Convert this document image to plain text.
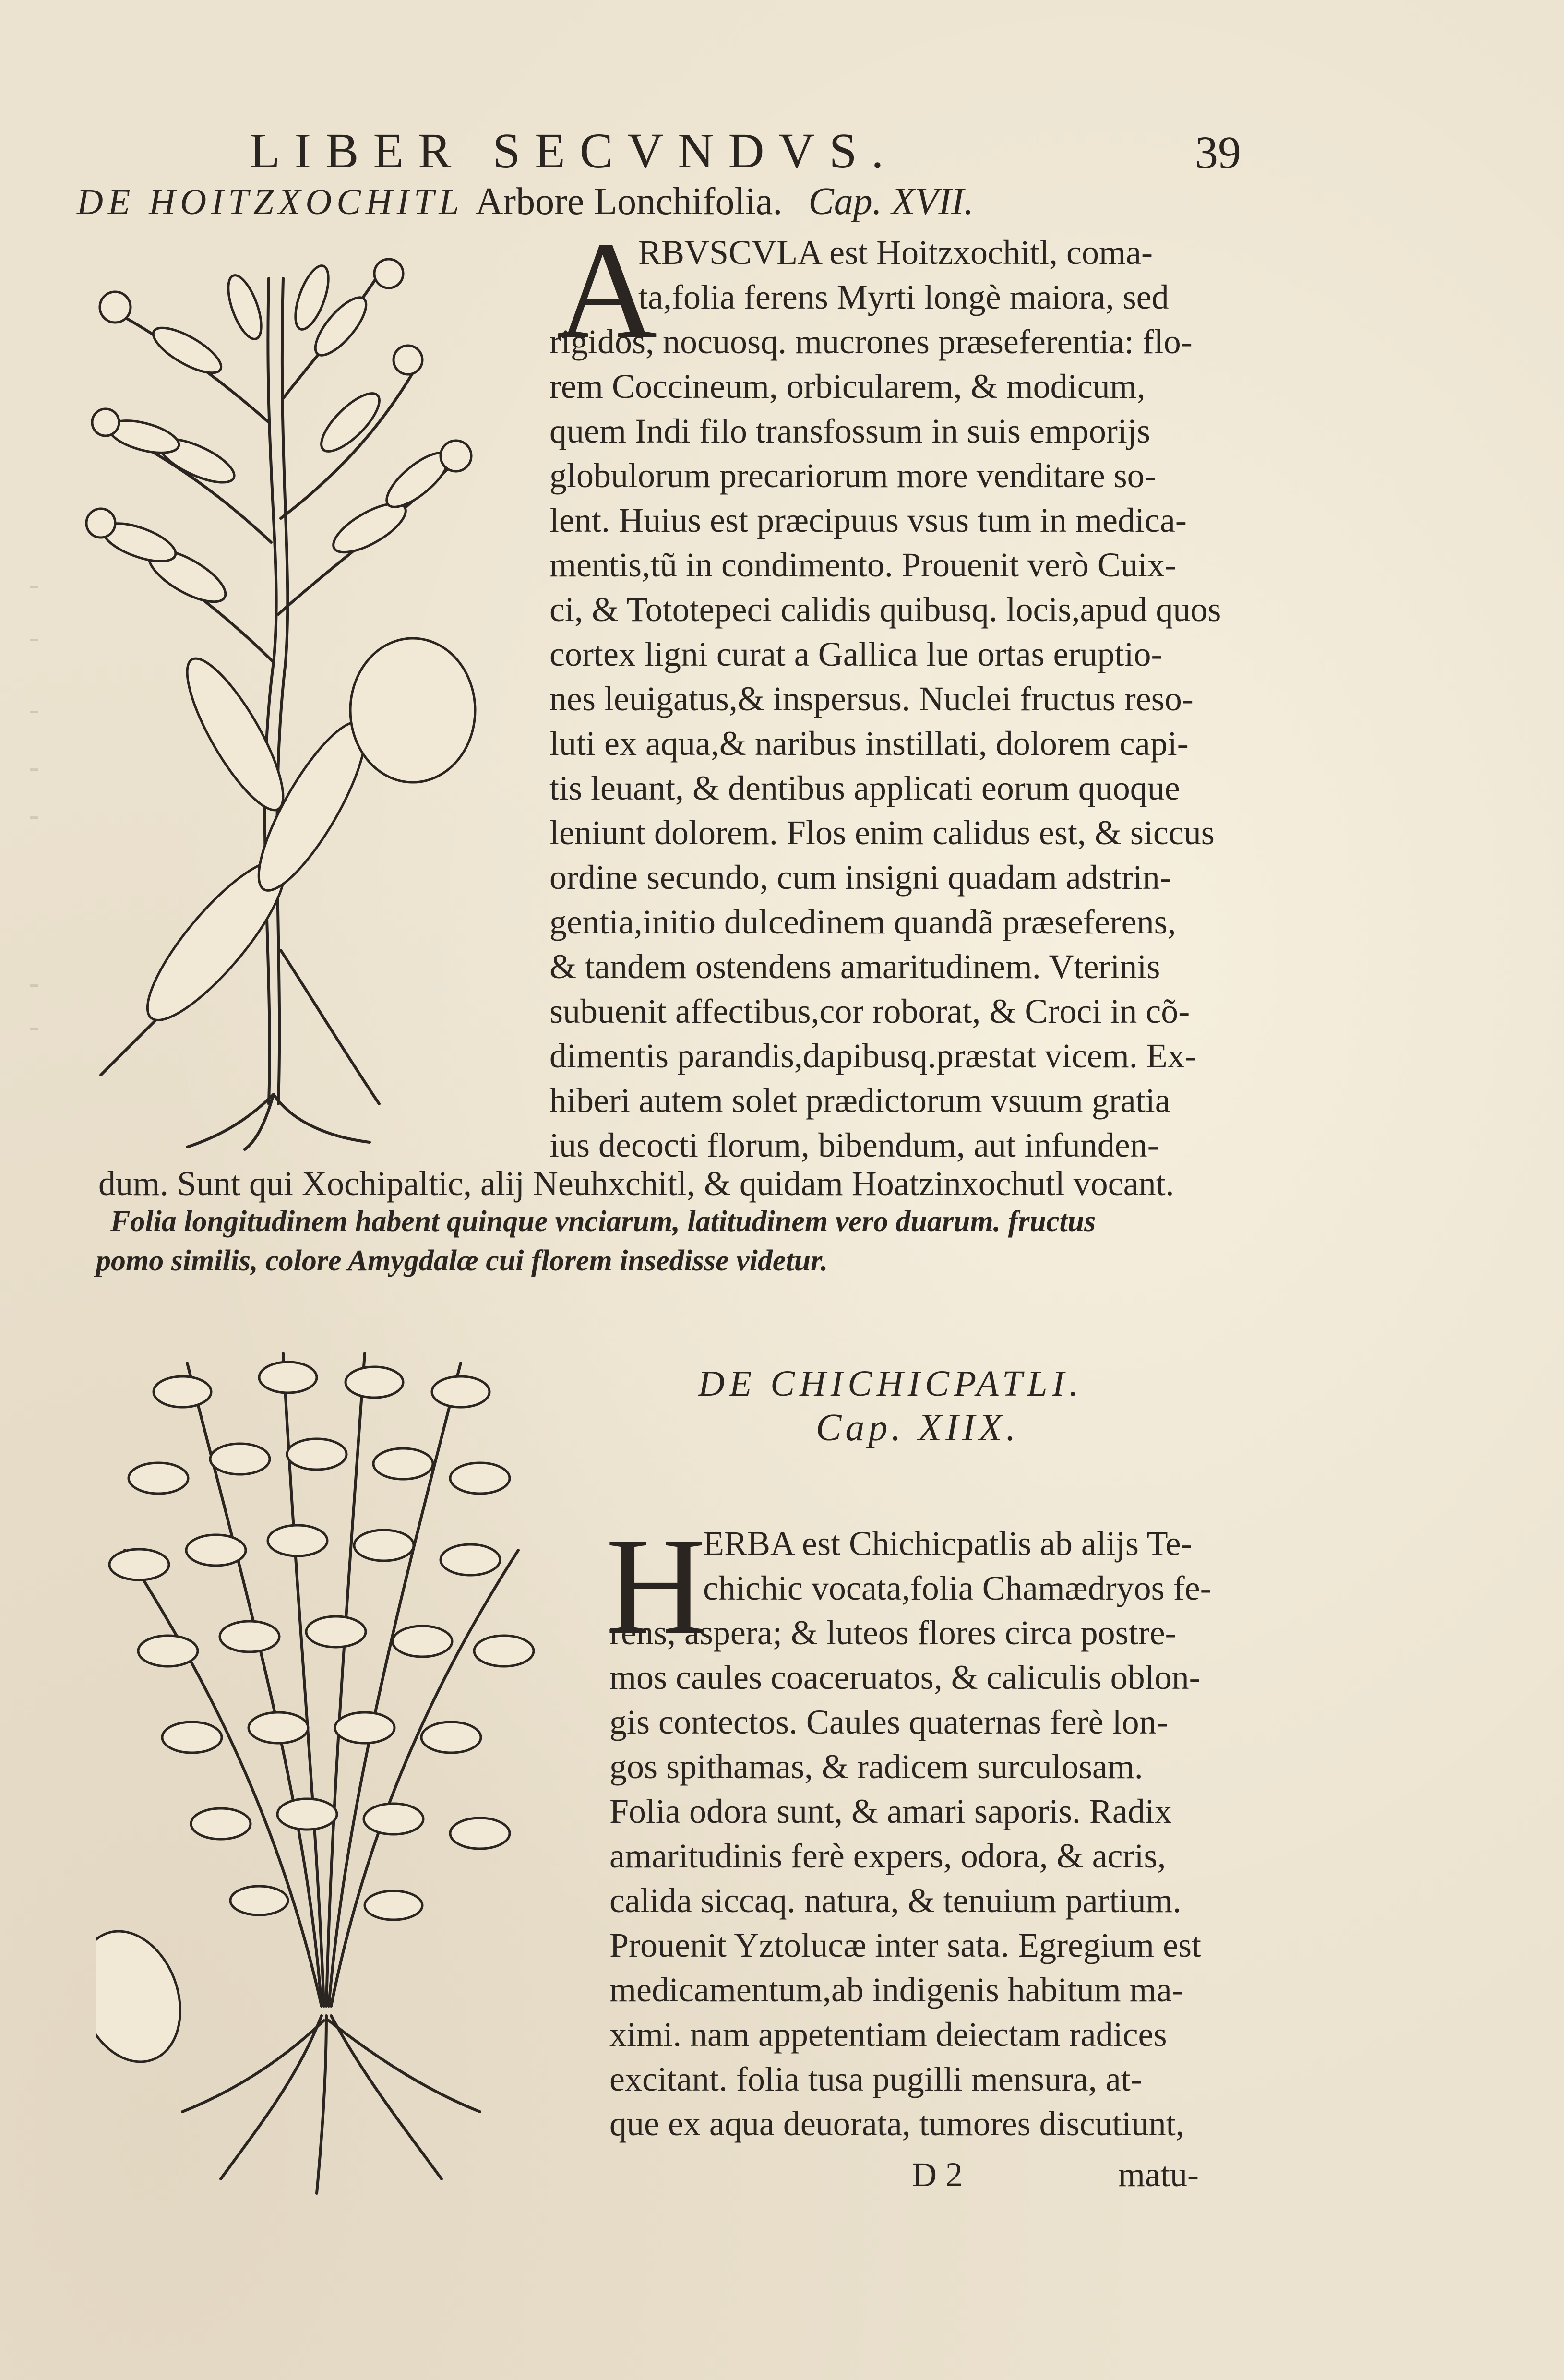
-
-
-
-
-
-
-
LIBER SECVNDVS.	39
DE HOITZXOCHITL Arbore Lonchifolia. Cap. XVII.
A
RBVSCVLA est Hoitzxochitl, coma-
ta,folia ferens Myrti longè maiora, sed
rigidos, nocuosq. mucrones præseferentia: flo-
rem Coccineum, orbicularem, & modicum,
quem Indi filo transfossum in suis emporijs
globulorum precariorum more venditare so-
lent. Huius est præcipuus vsus tum in medica-
mentis,tũ in condimento. Prouenit verò Cuix-
ci, & Tototepeci calidis quibusq. locis,apud quos
cortex ligni curat a Gallica lue ortas eruptio-
nes leuigatus,& inspersus. Nuclei fructus reso-
luti ex aqua,& naribus instillati, dolorem capi-
tis leuant, & dentibus applicati eorum quoque
leniunt dolorem. Flos enim calidus est, & siccus
ordine secundo, cum insigni quadam adstrin-
gentia,initio dulcedinem quandã præseferens,
& tandem ostendens amaritudinem. Vterinis
subuenit affectibus,cor roborat, & Croci in cõ-
dimentis parandis,dapibusq.præstat vicem. Ex-
hiberi autem solet prædictorum vsuum gratia
ius decocti florum, bibendum, aut infunden-
dum. Sunt qui Xochipaltic, alij Neuhxchitl, & quidam Hoatzinxochutl vocant.
Folia longitudinem habent quinque vnciarum, latitudinem vero duarum. fructus
pomo similis, colore Amygdalæ cui florem insedisse videtur.
DE CHICHICPATLI.
Cap. XIIX.
H
ERBA est Chichicpatlis ab alijs Te-
chichic vocata,folia Chamædryos fe-
rens, aspera; & luteos flores circa postre-
mos caules coaceruatos, & caliculis oblon-
gis contectos. Caules quaternas ferè lon-
gos spithamas, & radicem surculosam.
Folia odora sunt, & amari saporis. Radix
amaritudinis ferè expers, odora, & acris,
calida siccaq. natura, & tenuium partium.
Prouenit Yztolucæ inter sata. Egregium est
medicamentum,ab indigenis habitum ma-
ximi. nam appetentiam deiectam radices
excitant. folia tusa pugilli mensura, at-
que ex aqua deuorata, tumores discutiunt,
D 2	matu-
